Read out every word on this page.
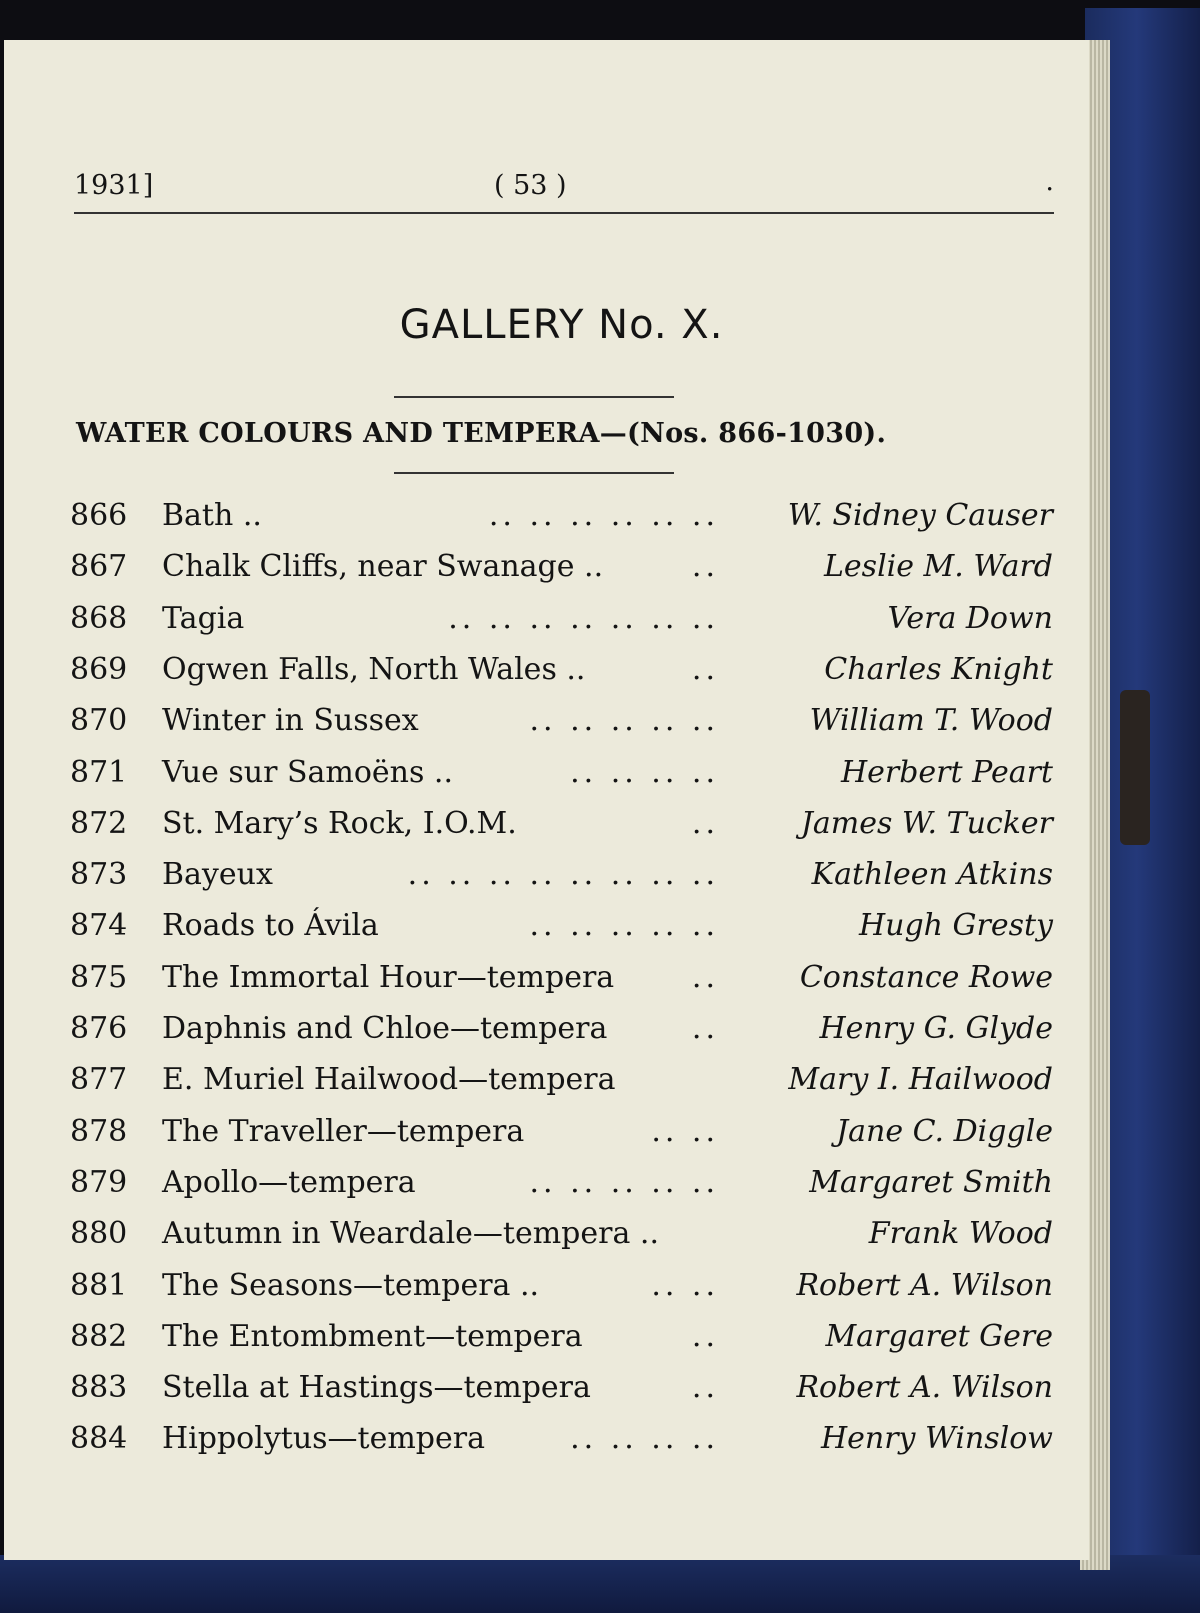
1931]	( 53 )	.
GALLERY No. X.
WATER COLOURS AND TEMPERA—(Nos. 866-1030).
866 Bath ..	.. .. .. .. .. .. W. Sidney Causer
867 Chalk Cliffs, near Swanage ..	..	Leslie M. Ward
868 Tagia	.. .. .. .. .. .. ..	Vera Down
869 Ogwen Falls, North Wales ..	..	Charles Knight
870 Winter in Sussex	.. .. .. .. ..	William T. Wood
871 Vue sur Samoëns ..	.. .. .. ..	Herbert Peart
872 St. Mary’s Rock, I.O.M.	..	James W. Tucker
873 Bayeux	.. .. .. .. .. .. .. ..	Kathleen Atkins
874 Roads to Ávila	.. .. .. .. ..	Hugh Gresty
875 The Immortal Hour—tempera	..	Constance Rowe
876 Daphnis and Chloe—tempera	..	Henry G. Glyde
877 E. Muriel Hailwood—tempera	Mary I. Hailwood
878 The Traveller—tempera	.. ..	Jane C. Diggle
879 Apollo—tempera	.. .. .. .. ..	Margaret Smith
880 Autumn in Weardale—tempera ..	Frank Wood
881 The Seasons—tempera ..	.. ..	Robert A. Wilson
882 The Entombment—tempera	..	Margaret Gere
883 Stella at Hastings—tempera	..	Robert A. Wilson
884 Hippolytus—tempera	.. .. .. ..	Henry Winslow
